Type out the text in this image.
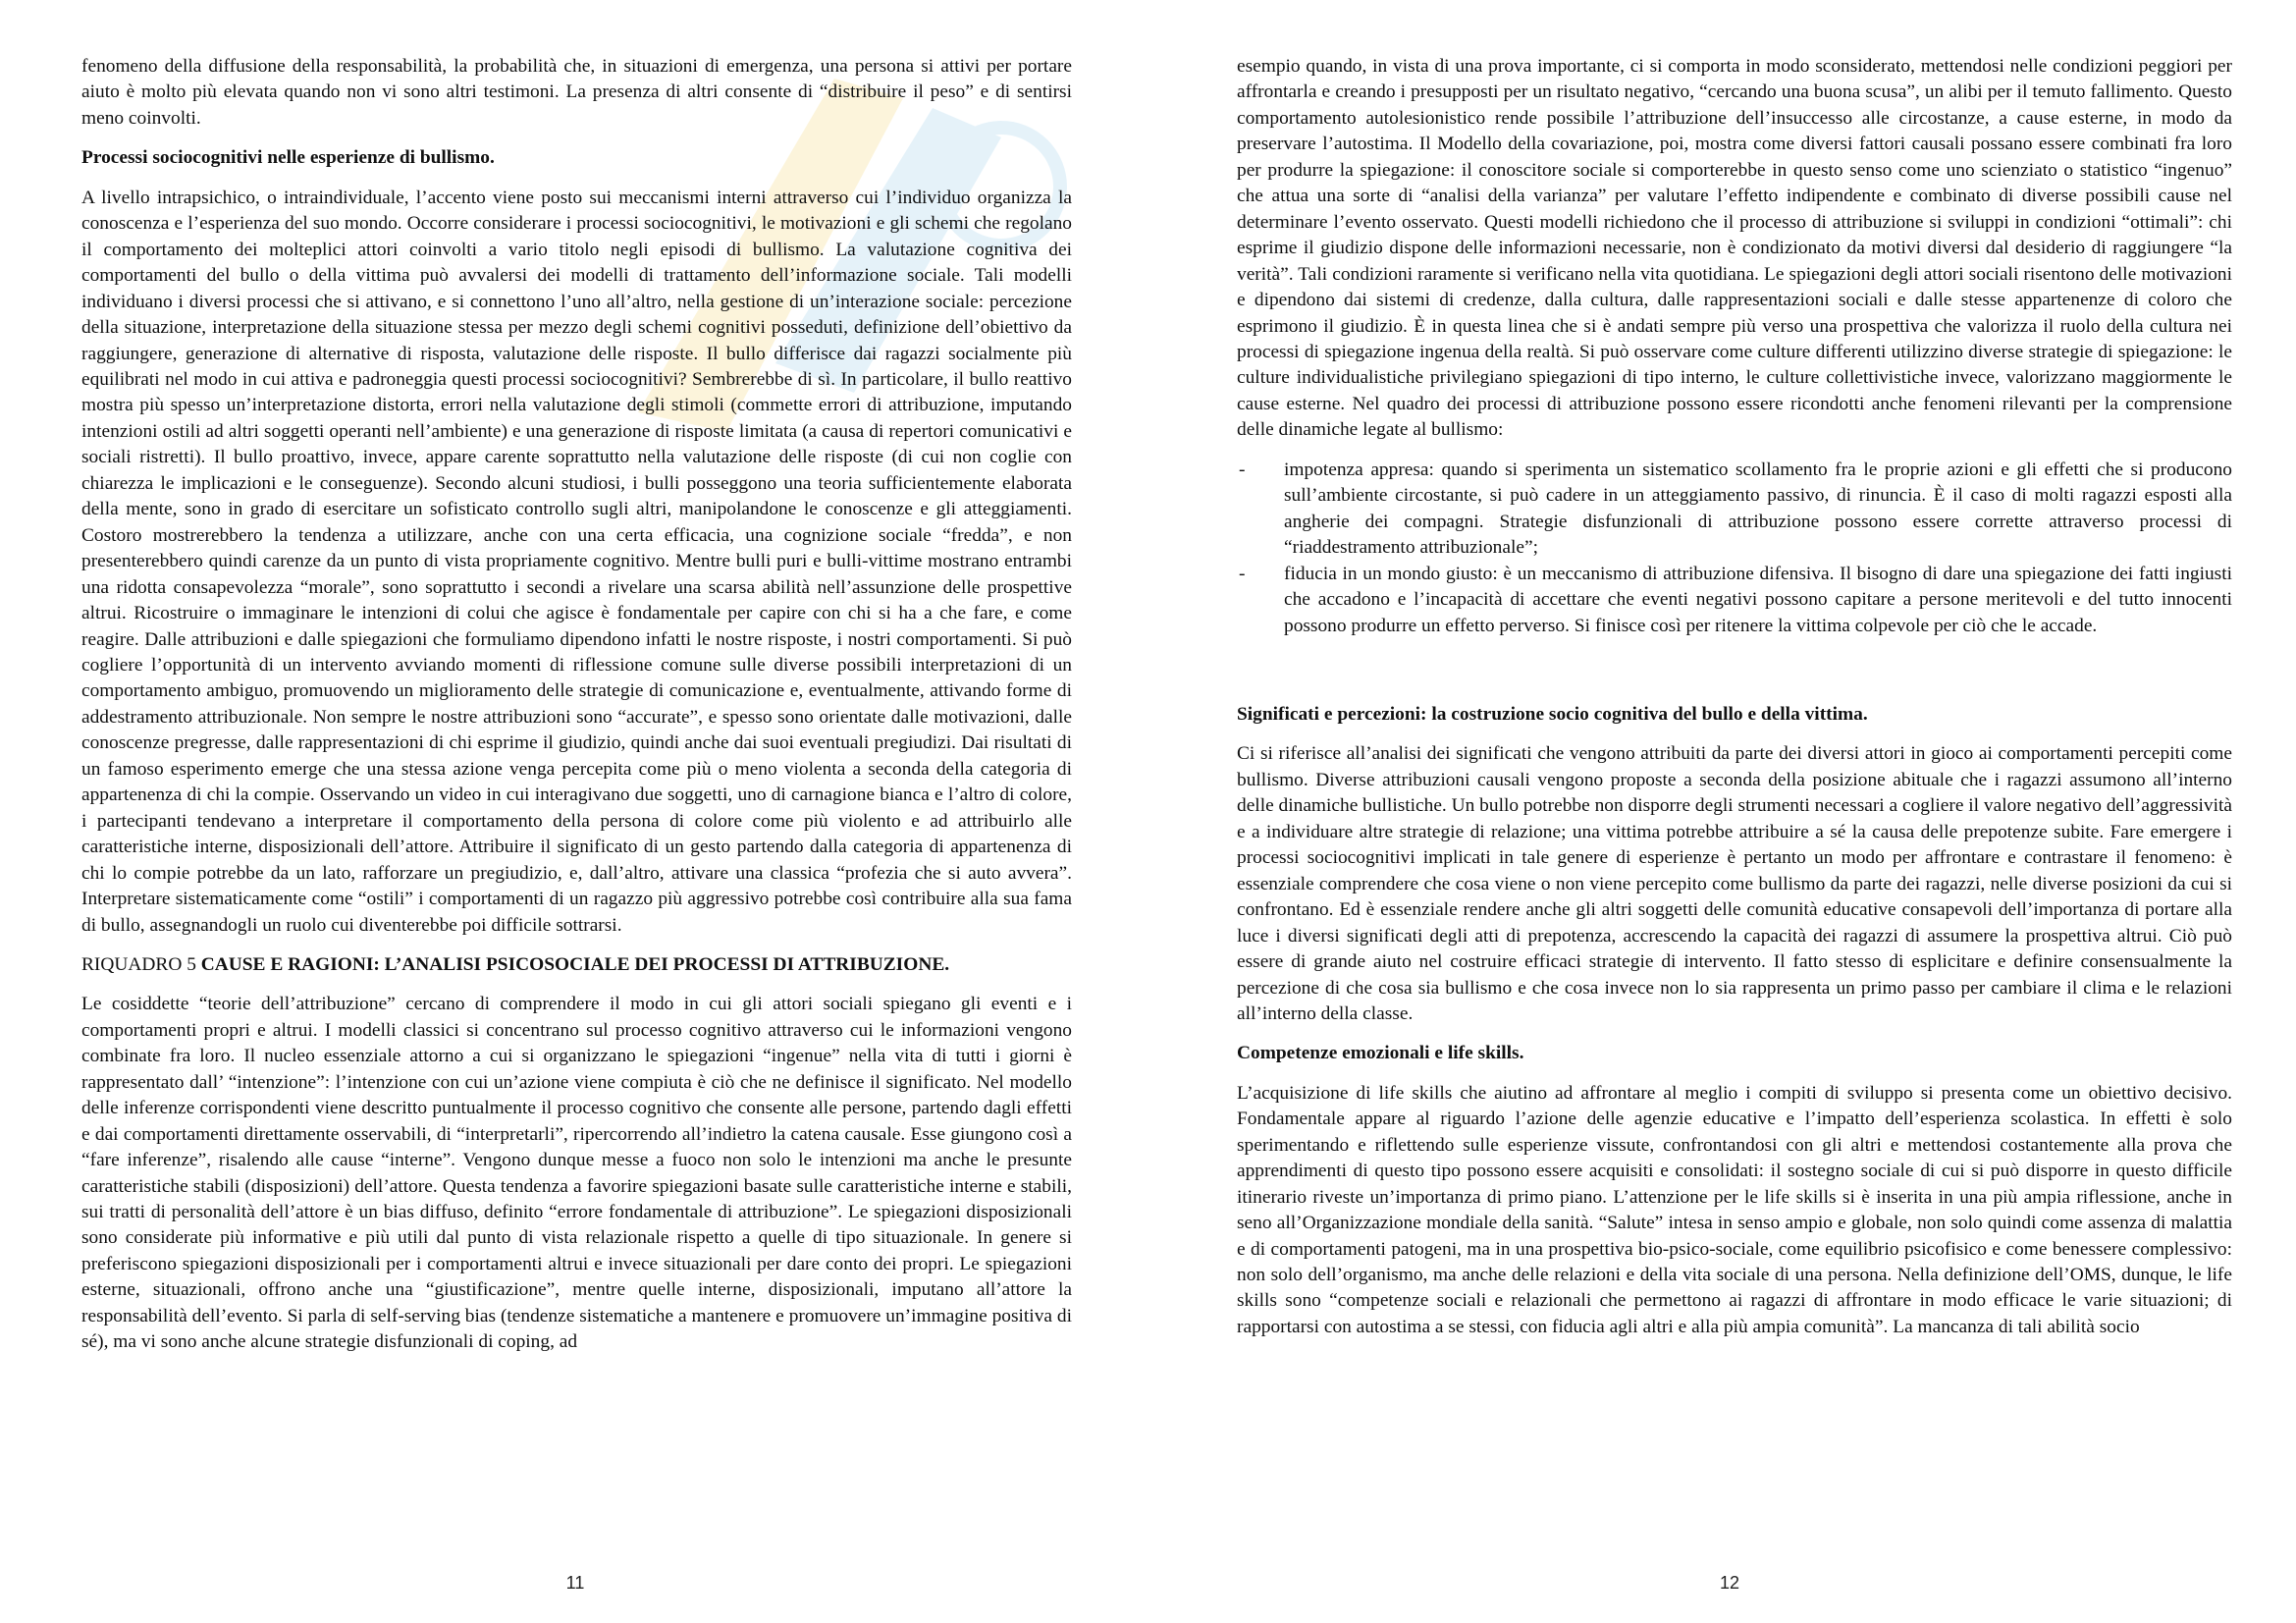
fenomeno della diffusione della responsabilità, la probabilità che, in situazioni di emergenza, una persona si attivi per portare aiuto è molto più elevata quando non vi sono altri testimoni. La presenza di altri consente di “distribuire il peso” e di sentirsi meno coinvolti.

Processi sociocognitivi nelle esperienze di bullismo.

A livello intrapsichico, o intraindividuale, l’accento viene posto sui meccanismi interni attraverso cui l’individuo organizza la conoscenza e l’esperienza del suo mondo. Occorre considerare i processi sociocognitivi, le motivazioni e gli schemi che regolano il comportamento dei molteplici attori coinvolti a vario titolo negli episodi di bullismo. La valutazione cognitiva dei comportamenti del bullo o della vittima può avvalersi dei modelli di trattamento dell’informazione sociale. Tali modelli individuano i diversi processi che si attivano, e si connettono l’uno all’altro, nella gestione di un’interazione sociale: percezione della situazione, interpretazione della situazione stessa per mezzo degli schemi cognitivi posseduti, definizione dell’obiettivo da raggiungere, generazione di alternative di risposta, valutazione delle risposte. Il bullo differisce dai ragazzi socialmente più equilibrati nel modo in cui attiva e padroneggia questi processi sociocognitivi? Sembrerebbe di sì. In particolare, il bullo reattivo mostra più spesso un’interpretazione distorta, errori nella valutazione degli stimoli (commette errori di attribuzione, imputando intenzioni ostili ad altri soggetti operanti nell’ambiente) e una generazione di risposte limitata (a causa di repertori comunicativi e sociali ristretti). Il bullo proattivo, invece, appare carente soprattutto nella valutazione delle risposte (di cui non coglie con chiarezza le implicazioni e le conseguenze). Secondo alcuni studiosi, i bulli posseggono una teoria sufficientemente elaborata della mente, sono in grado di esercitare un sofisticato controllo sugli altri, manipolandone le conoscenze e gli atteggiamenti. Costoro mostrerebbero la tendenza a utilizzare, anche con una certa efficacia, una cognizione sociale “fredda”, e non presenterebbero quindi carenze da un punto di vista propriamente cognitivo. Mentre bulli puri e bulli-vittime mostrano entrambi una ridotta consapevolezza “morale”, sono soprattutto i secondi a rivelare una scarsa abilità nell’assunzione delle prospettive altrui. Ricostruire o immaginare le intenzioni di colui che agisce è fondamentale per capire con chi si ha a che fare, e come reagire. Dalle attribuzioni e dalle spiegazioni che formuliamo dipendono infatti le nostre risposte, i nostri comportamenti. Si può cogliere l’opportunità di un intervento avviando momenti di riflessione comune sulle diverse possibili interpretazioni di un comportamento ambiguo, promuovendo un miglioramento delle strategie di comunicazione e, eventualmente, attivando forme di addestramento attribuzionale. Non sempre le nostre attribuzioni sono “accurate”, e spesso sono orientate dalle motivazioni, dalle conoscenze pregresse, dalle rappresentazioni di chi esprime il giudizio, quindi anche dai suoi eventuali pregiudizi. Dai risultati di un famoso esperimento emerge che una stessa azione venga percepita come più o meno violenta a seconda della categoria di appartenenza di chi la compie. Osservando un video in cui interagivano due soggetti, uno di carnagione bianca e l’altro di colore, i partecipanti tendevano a interpretare il comportamento della persona di colore come più violento e ad attribuirlo alle caratteristiche interne, disposizionali dell’attore. Attribuire il significato di un gesto partendo dalla categoria di appartenenza di chi lo compie potrebbe da un lato, rafforzare un pregiudizio, e, dall’altro, attivare una classica “profezia che si auto avvera”. Interpretare sistematicamente come “ostili” i comportamenti di un ragazzo più aggressivo potrebbe così contribuire alla sua fama di bullo, assegnandogli un ruolo cui diventerebbe poi difficile sottrarsi.

RIQUADRO 5 CAUSE E RAGIONI: L’ANALISI PSICOSOCIALE DEI PROCESSI DI ATTRIBUZIONE.

Le cosiddette “teorie dell’attribuzione” cercano di comprendere il modo in cui gli attori sociali spiegano gli eventi e i comportamenti propri e altrui. I modelli classici si concentrano sul processo cognitivo attraverso cui le informazioni vengono combinate fra loro. Il nucleo essenziale attorno a cui si organizzano le spiegazioni “ingenue” nella vita di tutti i giorni è rappresentato dall’ “intenzione”: l’intenzione con cui un’azione viene compiuta è ciò che ne definisce il significato. Nel modello delle inferenze corrispondenti viene descritto puntualmente il processo cognitivo che consente alle persone, partendo dagli effetti e dai comportamenti direttamente osservabili, di “interpretarli”, ripercorrendo all’indietro la catena causale. Esse giungono così a “fare inferenze”, risalendo alle cause “interne”. Vengono dunque messe a fuoco non solo le intenzioni ma anche le presunte caratteristiche stabili (disposizioni) dell’attore. Questa tendenza a favorire spiegazioni basate sulle caratteristiche interne e stabili, sui tratti di personalità dell’attore è un bias diffuso, definito “errore fondamentale di attribuzione”. Le spiegazioni disposizionali sono considerate più informative e più utili dal punto di vista relazionale rispetto a quelle di tipo situazionale. In genere si preferiscono spiegazioni disposizionali per i comportamenti altrui e invece situazionali per dare conto dei propri. Le spiegazioni esterne, situazionali, offrono anche una “giustificazione”, mentre quelle interne, disposizionali, imputano all’attore la responsabilità dell’evento. Si parla di self-serving bias (tendenze sistematiche a mantenere e promuovere un’immagine positiva di sé), ma vi sono anche alcune strategie disfunzionali di coping, ad

11

esempio quando, in vista di una prova importante, ci si comporta in modo sconsiderato, mettendosi nelle condizioni peggiori per affrontarla e creando i presupposti per un risultato negativo, “cercando una buona scusa”, un alibi per il temuto fallimento. Questo comportamento autolesionistico rende possibile l’attribuzione dell’insuccesso alle circostanze, a cause esterne, in modo da preservare l’autostima. Il Modello della covariazione, poi, mostra come diversi fattori causali possano essere combinati fra loro per produrre la spiegazione: il conoscitore sociale si comporterebbe in questo senso come uno scienziato o statistico “ingenuo” che attua una sorte di “analisi della varianza” per valutare l’effetto indipendente e combinato di diverse possibili cause nel determinare l’evento osservato. Questi modelli richiedono che il processo di attribuzione si sviluppi in condizioni “ottimali”: chi esprime il giudizio dispone delle informazioni necessarie, non è condizionato da motivi diversi dal desiderio di raggiungere “la verità”. Tali condizioni raramente si verificano nella vita quotidiana. Le spiegazioni degli attori sociali risentono delle motivazioni e dipendono dai sistemi di credenze, dalla cultura, dalle rappresentazioni sociali e dalle stesse appartenenze di coloro che esprimono il giudizio. È in questa linea che si è andati sempre più verso una prospettiva che valorizza il ruolo della cultura nei processi di spiegazione ingenua della realtà. Si può osservare come culture differenti utilizzino diverse strategie di spiegazione: le culture individualistiche privilegiano spiegazioni di tipo interno, le culture collettivistiche invece, valorizzano maggiormente le cause esterne. Nel quadro dei processi di attribuzione possono essere ricondotti anche fenomeni rilevanti per la comprensione delle dinamiche legate al bullismo:

- impotenza appresa: quando si sperimenta un sistematico scollamento fra le proprie azioni e gli effetti che si producono sull’ambiente circostante, si può cadere in un atteggiamento passivo, di rinuncia. È il caso di molti ragazzi esposti alla angherie dei compagni. Strategie disfunzionali di attribuzione possono essere corrette attraverso processi di “riaddestramento attribuzionale”;
- fiducia in un mondo giusto: è un meccanismo di attribuzione difensiva. Il bisogno di dare una spiegazione dei fatti ingiusti che accadono e l’incapacità di accettare che eventi negativi possono capitare a persone meritevoli e del tutto innocenti possono produrre un effetto perverso. Si finisce così per ritenere la vittima colpevole per ciò che le accade.
Significati e percezioni: la costruzione socio cognitiva del bullo e della vittima.

Ci si riferisce all’analisi dei significati che vengono attribuiti da parte dei diversi attori in gioco ai comportamenti percepiti come bullismo. Diverse attribuzioni causali vengono proposte a seconda della posizione abituale che i ragazzi assumono all’interno delle dinamiche bullistiche. Un bullo potrebbe non disporre degli strumenti necessari a cogliere il valore negativo dell’aggressività e a individuare altre strategie di relazione; una vittima potrebbe attribuire a sé la causa delle prepotenze subite. Fare emergere i processi sociocognitivi implicati in tale genere di esperienze è pertanto un modo per affrontare e contrastare il fenomeno: è essenziale comprendere che cosa viene o non viene percepito come bullismo da parte dei ragazzi, nelle diverse posizioni da cui si confrontano. Ed è essenziale rendere anche gli altri soggetti delle comunità educative consapevoli dell’importanza di portare alla luce i diversi significati degli atti di prepotenza, accrescendo la capacità dei ragazzi di assumere la prospettiva altrui. Ciò può essere di grande aiuto nel costruire efficaci strategie di intervento. Il fatto stesso di esplicitare e definire consensualmente la percezione di che cosa sia bullismo e che cosa invece non lo sia rappresenta un primo passo per cambiare il clima e le relazioni all’interno della classe.

Competenze emozionali e life skills.

L’acquisizione di life skills che aiutino ad affrontare al meglio i compiti di sviluppo si presenta come un obiettivo decisivo. Fondamentale appare al riguardo l’azione delle agenzie educative e l’impatto dell’esperienza scolastica. In effetti è solo sperimentando e riflettendo sulle esperienze vissute, confrontandosi con gli altri e mettendosi costantemente alla prova che apprendimenti di questo tipo possono essere acquisiti e consolidati: il sostegno sociale di cui si può disporre in questo difficile itinerario riveste un’importanza di primo piano. L’attenzione per le life skills si è inserita in una più ampia riflessione, anche in seno all’Organizzazione mondiale della sanità. “Salute” intesa in senso ampio e globale, non solo quindi come assenza di malattia e di comportamenti patogeni, ma in una prospettiva bio-psico-sociale, come equilibrio psicofisico e come benessere complessivo: non solo dell’organismo, ma anche delle relazioni e della vita sociale di una persona. Nella definizione dell’OMS, dunque, le life skills sono “competenze sociali e relazionali che permettono ai ragazzi di affrontare in modo efficace le varie situazioni; di rapportarsi con autostima a se stessi, con fiducia agli altri e alla più ampia comunità”. La mancanza di tali abilità socio

12
